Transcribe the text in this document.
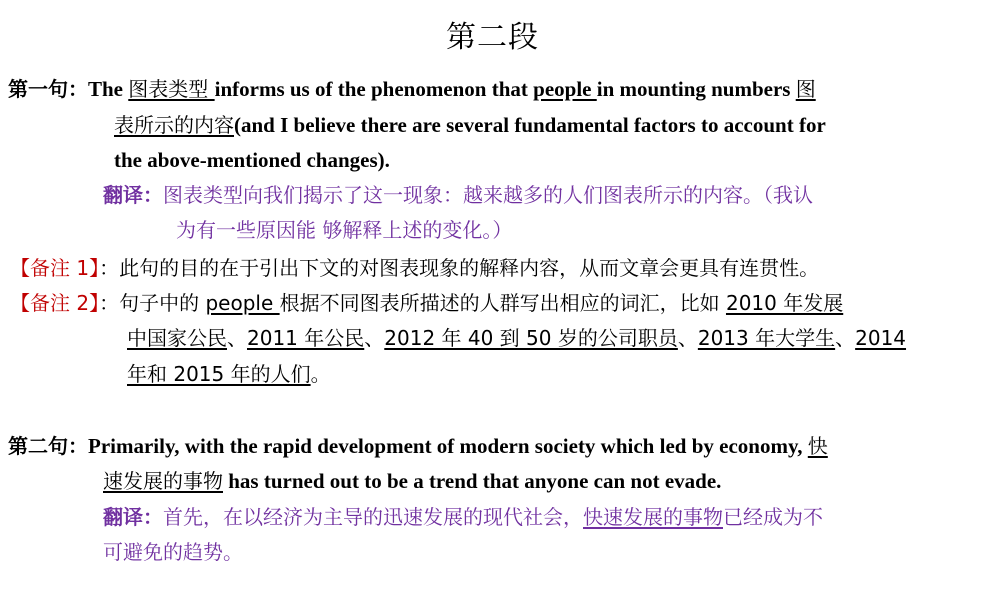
第二段
第一句：The 图表类型 informs us of the phenomenon that people in mounting numbers 图
表所示的内容(and I believe there are several fundamental factors to account for
the above-mentioned changes).
翻译：图表类型向我们揭示了这一现象：越来越多的人们图表所示的内容。（我认
为有一些原因能 够解释上述的变化。）
【备注 1】：此句的目的在于引出下文的对图表现象的解释内容，从而文章会更具有连贯性。
【备注 2】：句子中的 people 根据不同图表所描述的人群写出相应的词汇，比如 2010 年发展
中国家公民、2011 年公民、2012 年 40 到 50 岁的公司职员、2013 年大学生、2014
年和 2015 年的人们。
第二句：Primarily, with the rapid development of modern society which led by economy, 快
速发展的事物 has turned out to be a trend that anyone can not evade.
翻译：首先，在以经济为主导的迅速发展的现代社会，快速发展的事物已经成为不
可避免的趋势。
